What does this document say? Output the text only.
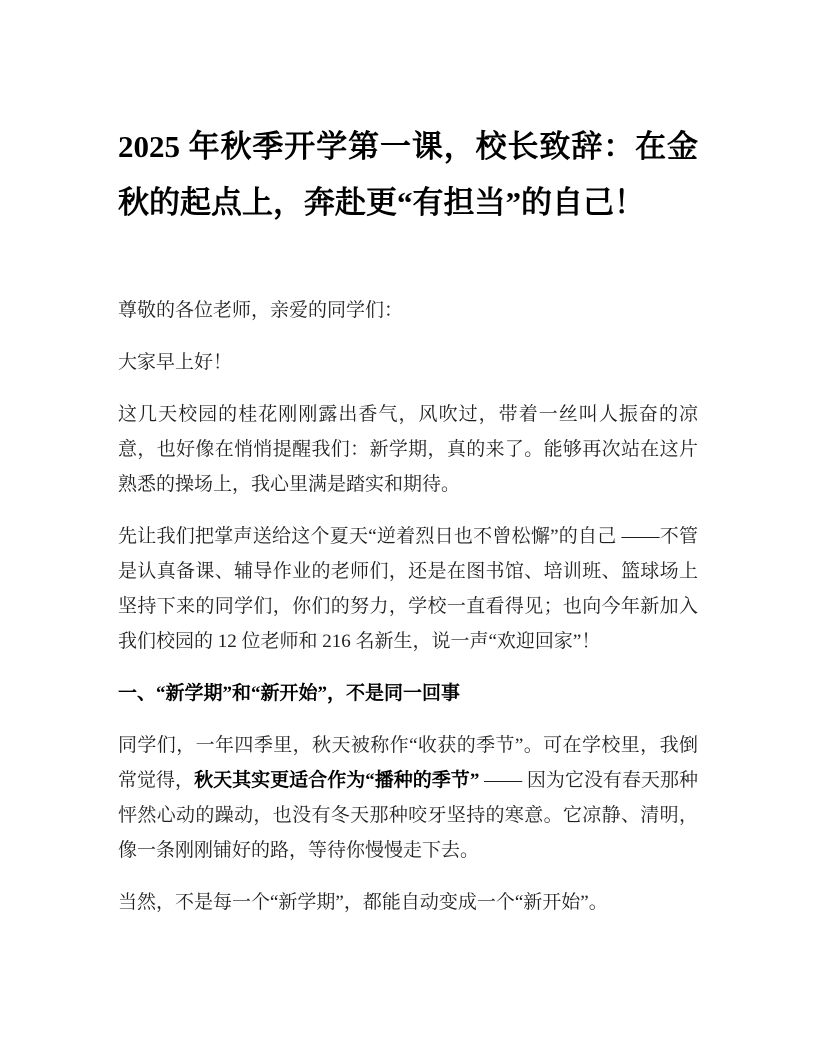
2025 年秋季开学第一课，校长致辞：在金秋的起点上，奔赴更“有担当”的自己！

尊敬的各位老师，亲爱的同学们：

大家早上好！

这几天校园的桂花刚刚露出香气，风吹过，带着一丝叫人振奋的凉意，也好像在悄悄提醒我们：新学期，真的来了。能够再次站在这片熟悉的操场上，我心里满是踏实和期待。

先让我们把掌声送给这个夏天“逆着烈日也不曾松懈”的自己 ——不管是认真备课、辅导作业的老师们，还是在图书馆、培训班、篮球场上坚持下来的同学们，你们的努力，学校一直看得见；也向今年新加入我们校园的 12 位老师和 216 名新生，说一声“欢迎回家”！

一、“新学期”和“新开始”，不是同一回事

同学们，一年四季里，秋天被称作“收获的季节”。可在学校里，我倒常觉得，秋天其实更适合作为“播种的季节” —— 因为它没有春天那种怦然心动的躁动，也没有冬天那种咬牙坚持的寒意。它凉静、清明，像一条刚刚铺好的路，等待你慢慢走下去。

当然，不是每一个“新学期”，都能自动变成一个“新开始”。
